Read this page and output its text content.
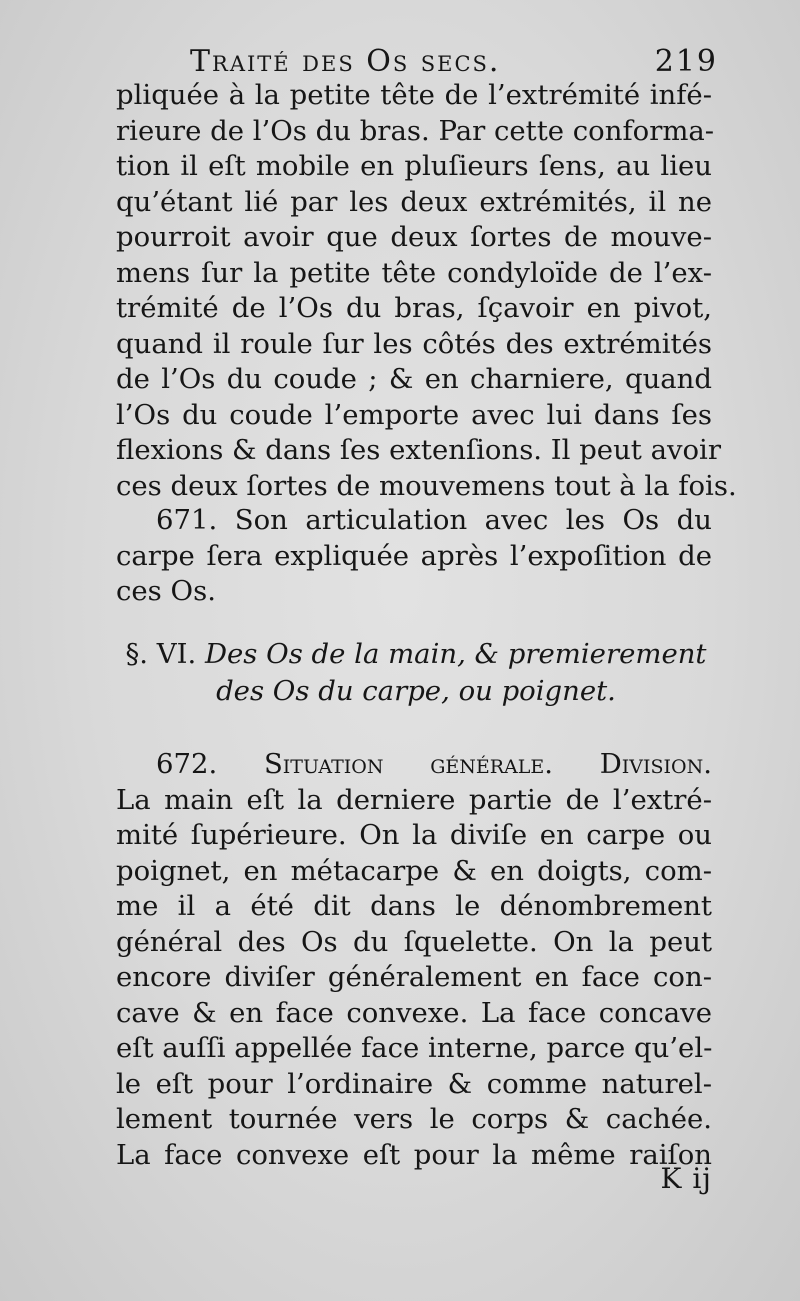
Traité des Os secs.	219

pliquée à la petite tête de l’extrémité infé-
rieure de l’Os du bras. Par cette conforma-
tion il eſt mobile en pluſieurs ſens, au lieu
qu’étant lié par les deux extrémités, il ne
pourroit avoir que deux ſortes de mouve-
mens ſur la petite tête condyloïde de l’ex-
trémité de l’Os du bras, ſçavoir en pivot,
quand il roule ſur les côtés des extrémités
de l’Os du coude ; & en charniere, quand
l’Os du coude l’emporte avec lui dans ſes
flexions & dans ſes extenſions. Il peut avoir
ces deux ſortes de mouvemens tout à la fois.

671. Son articulation avec les Os du
carpe ſera expliquée après l’expoſition de
ces Os.

§. VI. Des Os de la main, & premierement
des Os du carpe, ou poignet.

672. Situation générale. Division.
La main eſt la derniere partie de l’extré-
mité ſupérieure. On la diviſe en carpe ou
poignet, en métacarpe & en doigts, com-
me il a été dit dans le dénombrement
général des Os du ſquelette. On la peut
encore diviſer généralement en face con-
cave & en face convexe. La face concave
eſt auſſi appellée face interne, parce qu’el-
le eſt pour l’ordinaire & comme naturel-
lement tournée vers le corps & cachée.
La face convexe eſt pour la même raiſon

K ij
